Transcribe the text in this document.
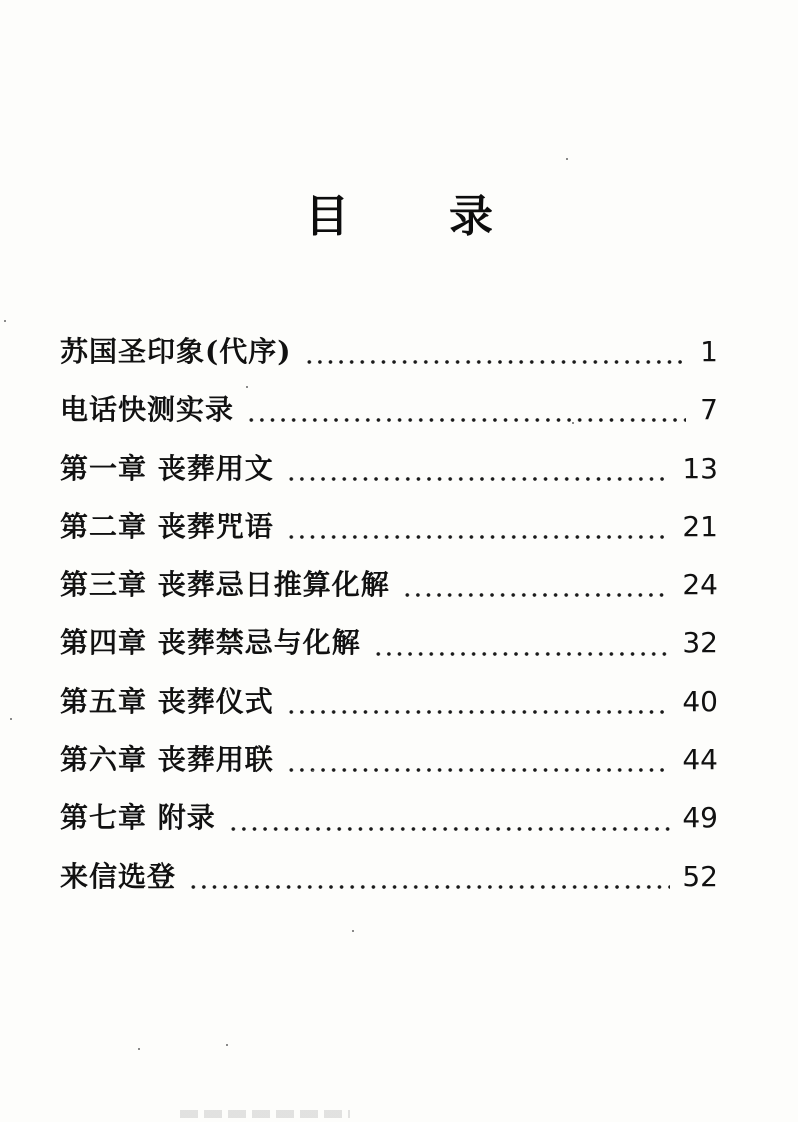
目 录
苏国圣印象(代序)	1
电话快测实录	7
第一章 丧葬用文	13
第二章 丧葬咒语	21
第三章 丧葬忌日推算化解	24
第四章 丧葬禁忌与化解	32
第五章 丧葬仪式	40
第六章 丧葬用联	44
第七章 附录	49
来信选登	52
